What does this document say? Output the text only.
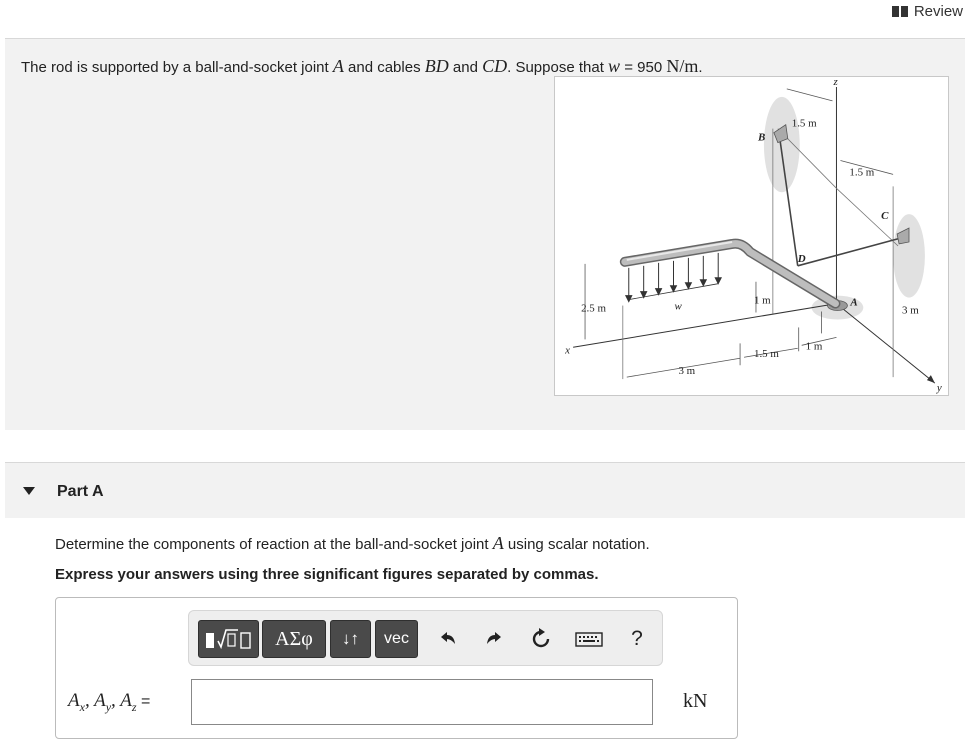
Review
The rod is supported by a ball-and-socket joint A and cables BD and CD. Suppose that w = 950 N/m.
z
y
x
B
C
D
A
w
1.5 m
1.5 m
3 m
2.5 m
1 m
3 m
1.5 m
1 m
Part A
Determine the components of reaction at the ball-and-socket joint A using scalar notation.
Express your answers using three significant figures separated by commas.
ΑΣφ	↓↑	vec	?
$A_x$, $A_y$, $A_z$ =	kN
